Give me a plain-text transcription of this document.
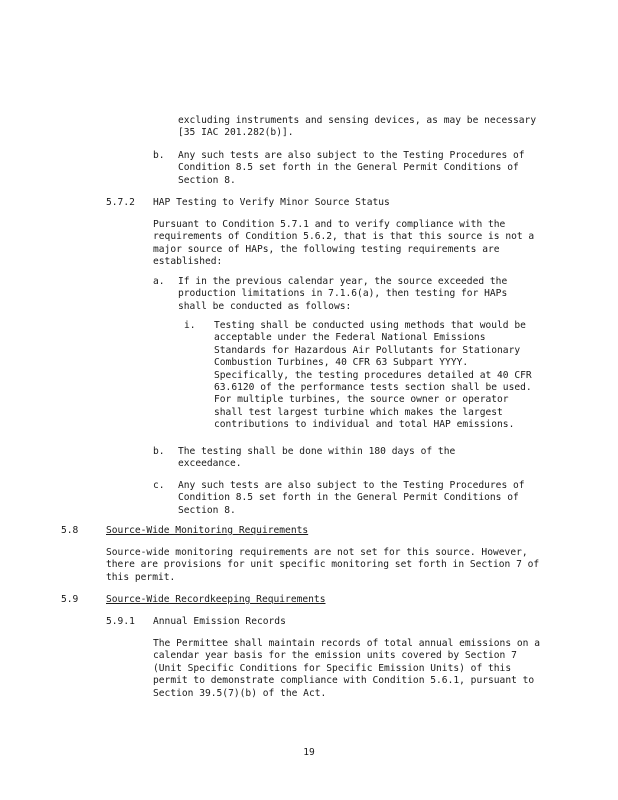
excluding instruments and sensing devices, as may be necessary [35 IAC 201.282(b)].

b. Any such tests are also subject to the Testing Procedures of Condition 8.5 set forth in the General Permit Conditions of Section 8.

5.7.2 HAP Testing to Verify Minor Source Status

Pursuant to Condition 5.7.1 and to verify compliance with the requirements of Condition 5.6.2, that is that this source is not a major source of HAPs, the following testing requirements are established:

a. If in the previous calendar year, the source exceeded the production limitations in 7.1.6(a), then testing for HAPs shall be conducted as follows:

i. Testing shall be conducted using methods that would be acceptable under the Federal National Emissions Standards for Hazardous Air Pollutants for Stationary Combustion Turbines, 40 CFR 63 Subpart YYYY. Specifically, the testing procedures detailed at 40 CFR 63.6120 of the performance tests section shall be used. For multiple turbines, the source owner or operator shall test largest turbine which makes the largest contributions to individual and total HAP emissions.

b. The testing shall be done within 180 days of the exceedance.

c. Any such tests are also subject to the Testing Procedures of Condition 8.5 set forth in the General Permit Conditions of Section 8.

5.8	Source-Wide Monitoring Requirements

Source-wide monitoring requirements are not set for this source. However, there are provisions for unit specific monitoring set forth in Section 7 of this permit.

5.9	Source-Wide Recordkeeping Requirements
5.9.1 Annual Emission Records

The Permittee shall maintain records of total annual emissions on a calendar year basis for the emission units covered by Section 7 (Unit Specific Conditions for Specific Emission Units) of this permit to demonstrate compliance with Condition 5.6.1, pursuant to Section 39.5(7)(b) of the Act.

19
